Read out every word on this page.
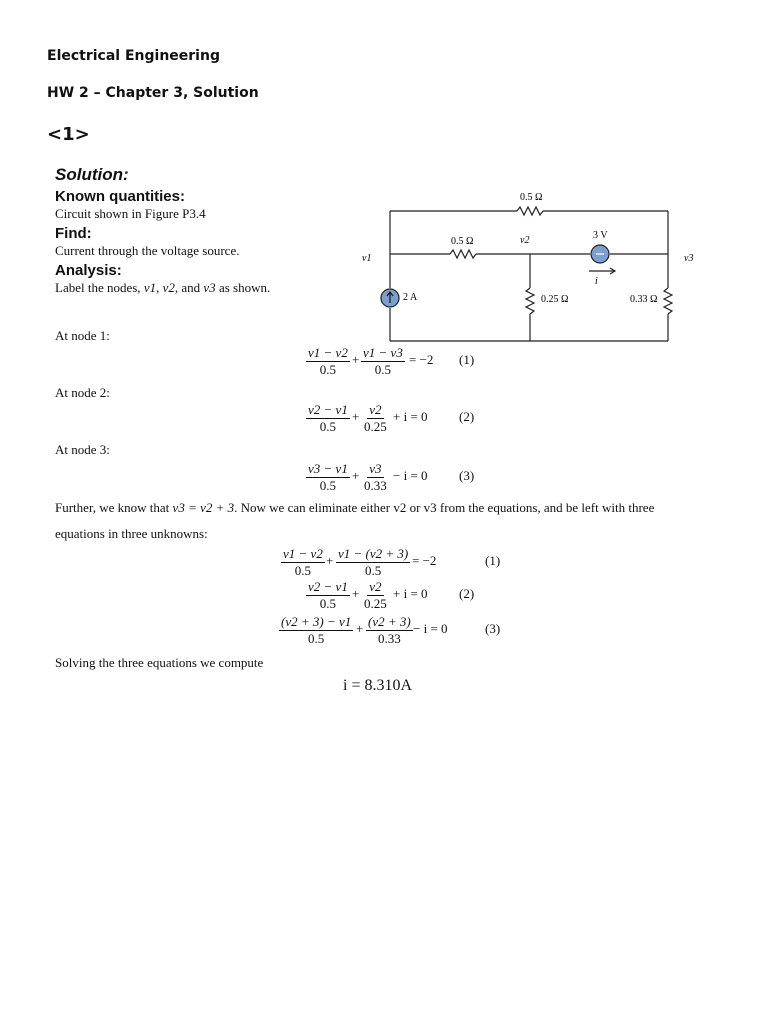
Electrical Engineering
HW 2 – Chapter 3, Solution
<1>
Solution:
Known quantities:
Circuit shown in Figure P3.4
Find:
Current through the voltage source.
Analysis:
Label the nodes, v1, v2, and v3 as shown.
0.5 Ω
0.5 Ω
3 V
2 A	0.25 Ω	0.33 Ω
v1
v2
v3
i
At node 1:
$\frac{v1 - v2}{0.5} + \frac{v1 - v3}{0.5} = -2$ (1)
At node 2:
$\frac{v2 - v1}{0.5} + \frac{v2}{0.25} + i = 0$ (2)
At node 3:
$\frac{v3 - v1}{0.5} + \frac{v3}{0.33} - i = 0$ (3)
Further, we know that v3 = v2 + 3. Now we can eliminate either v2 or v3 from the equations, and be left with three
equations in three unknowns:
$\frac{v1 - v2}{0.5} + \frac{v1 - (v2 + 3)}{0.5} = -2$	(1)
$\frac{v2 - v1}{0.5} + \frac{v2}{0.25} + i = 0$ (2)
$\frac{(v2 + 3) - v1}{0.5} + \frac{(v2 + 3)}{0.33} - i = 0$	(3)
Solving the three equations we compute
i = 8.310A
